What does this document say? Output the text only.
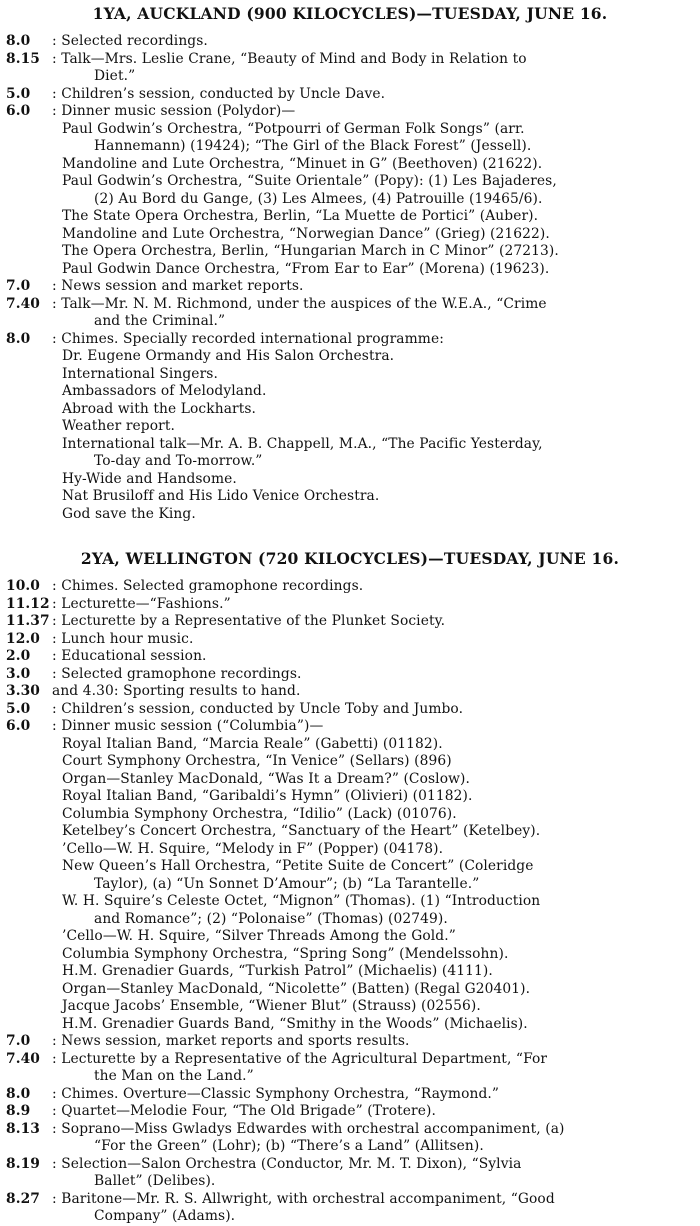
1YA, AUCKLAND (900 KILOCYCLES)—TUESDAY, JUNE 16.
8.0 : Selected recordings.
8.15 : Talk—Mrs. Leslie Crane, “Beauty of Mind and Body in Relation to
Diet.”
5.0 : Children’s session, conducted by Uncle Dave.
6.0 : Dinner music session (Polydor)—
Paul Godwin’s Orchestra, “Potpourri of German Folk Songs” (arr.
Hannemann) (19424); “The Girl of the Black Forest” (Jessell).
Mandoline and Lute Orchestra, “Minuet in G” (Beethoven) (21622).
Paul Godwin’s Orchestra, “Suite Orientale” (Popy): (1) Les Bajaderes,
(2) Au Bord du Gange, (3) Les Almees, (4) Patrouille (19465/6).
The State Opera Orchestra, Berlin, “La Muette de Portici” (Auber).
Mandoline and Lute Orchestra, “Norwegian Dance” (Grieg) (21622).
The Opera Orchestra, Berlin, “Hungarian March in C Minor” (27213).
Paul Godwin Dance Orchestra, “From Ear to Ear” (Morena) (19623).
7.0 : News session and market reports.
7.40 : Talk—Mr. N. M. Richmond, under the auspices of the W.E.A., “Crime
and the Criminal.”
8.0 : Chimes. Specially recorded international programme:
Dr. Eugene Ormandy and His Salon Orchestra.
International Singers.
Ambassadors of Melodyland.
Abroad with the Lockharts.
Weather report.
International talk—Mr. A. B. Chappell, M.A., “The Pacific Yesterday,
To-day and To-morrow.”
Hy-Wide and Handsome.
Nat Brusiloff and His Lido Venice Orchestra.
God save the King.
2YA, WELLINGTON (720 KILOCYCLES)—TUESDAY, JUNE 16.
10.0 : Chimes. Selected gramophone recordings.
11.12 : Lecturette—“Fashions.”
11.37 : Lecturette by a Representative of the Plunket Society.
12.0 : Lunch hour music.
2.0 : Educational session.
3.0 : Selected gramophone recordings.
3.30 and 4.30: Sporting results to hand.
5.0 : Children’s session, conducted by Uncle Toby and Jumbo.
6.0 : Dinner music session (“Columbia”)—
Royal Italian Band, “Marcia Reale” (Gabetti) (01182).
Court Symphony Orchestra, “In Venice” (Sellars) (896)
Organ—Stanley MacDonald, “Was It a Dream?” (Coslow).
Royal Italian Band, “Garibaldi’s Hymn” (Olivieri) (01182).
Columbia Symphony Orchestra, “Idilio” (Lack) (01076).
Ketelbey’s Concert Orchestra, “Sanctuary of the Heart” (Ketelbey).
’Cello—W. H. Squire, “Melody in F” (Popper) (04178).
New Queen’s Hall Orchestra, “Petite Suite de Concert” (Coleridge
Taylor), (a) “Un Sonnet D’Amour”; (b) “La Tarantelle.”
W. H. Squire’s Celeste Octet, “Mignon” (Thomas). (1) “Introduction
and Romance”; (2) “Polonaise” (Thomas) (02749).
’Cello—W. H. Squire, “Silver Threads Among the Gold.”
Columbia Symphony Orchestra, “Spring Song” (Mendelssohn).
H.M. Grenadier Guards, “Turkish Patrol” (Michaelis) (4111).
Organ—Stanley MacDonald, “Nicolette” (Batten) (Regal G20401).
Jacque Jacobs’ Ensemble, “Wiener Blut” (Strauss) (02556).
H.M. Grenadier Guards Band, “Smithy in the Woods” (Michaelis).
7.0 : News session, market reports and sports results.
7.40 : Lecturette by a Representative of the Agricultural Department, “For
the Man on the Land.”
8.0 : Chimes. Overture—Classic Symphony Orchestra, “Raymond.”
8.9 : Quartet—Melodie Four, “The Old Brigade” (Trotere).
8.13 : Soprano—Miss Gwladys Edwardes with orchestral accompaniment, (a)
“For the Green” (Lohr); (b) “There’s a Land” (Allitsen).
8.19 : Selection—Salon Orchestra (Conductor, Mr. M. T. Dixon), “Sylvia
Ballet” (Delibes).
8.27 : Baritone—Mr. R. S. Allwright, with orchestral accompaniment, “Good
Company” (Adams).
